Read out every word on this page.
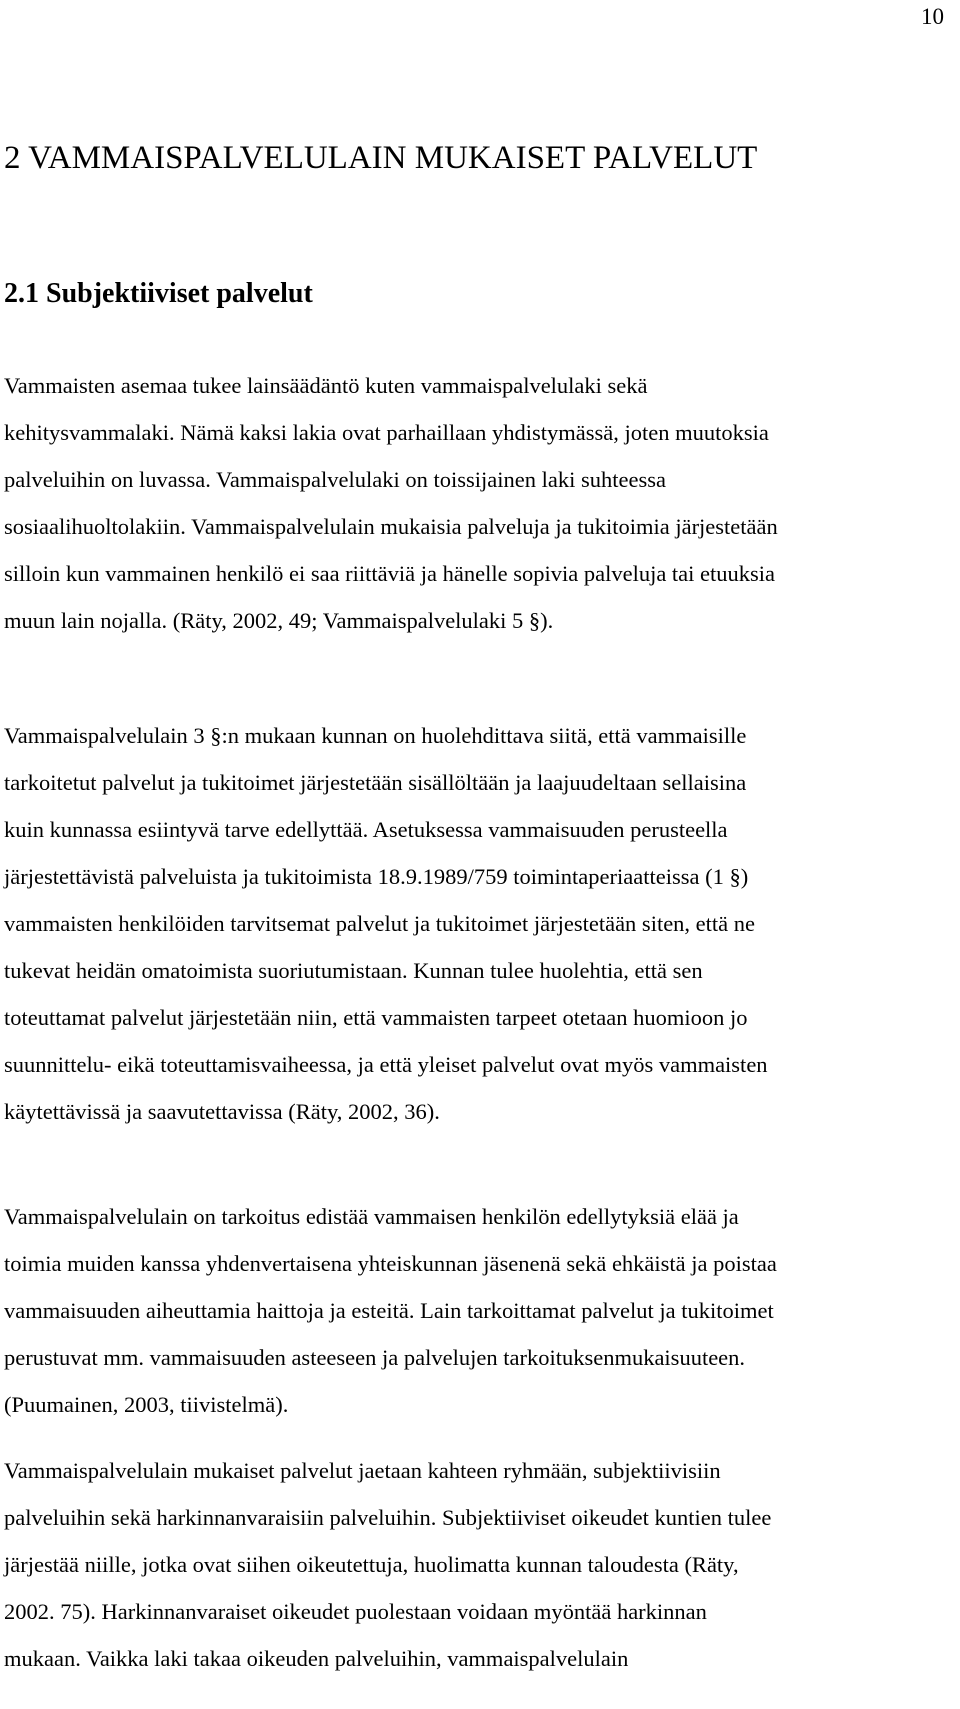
10
2 VAMMAISPALVELULAIN MUKAISET PALVELUT
2.1 Subjektiiviset palvelut
Vammaisten asemaa tukee lainsäädäntö kuten vammaispalvelulaki sekä
kehitysvammalaki. Nämä kaksi lakia ovat parhaillaan yhdistymässä, joten muutoksia
palveluihin on luvassa. Vammaispalvelulaki on toissijainen laki suhteessa
sosiaalihuoltolakiin. Vammaispalvelulain mukaisia palveluja ja tukitoimia järjestetään
silloin kun vammainen henkilö ei saa riittäviä ja hänelle sopivia palveluja tai etuuksia
muun lain nojalla. (Räty, 2002, 49; Vammaispalvelulaki 5 §).
Vammaispalvelulain 3 §:n mukaan kunnan on huolehdittava siitä, että vammaisille
tarkoitetut palvelut ja tukitoimet järjestetään sisällöltään ja laajuudeltaan sellaisina
kuin kunnassa esiintyvä tarve edellyttää. Asetuksessa vammaisuuden perusteella
järjestettävistä palveluista ja tukitoimista 18.9.1989/759 toimintaperiaatteissa (1 §)
vammaisten henkilöiden tarvitsemat palvelut ja tukitoimet järjestetään siten, että ne
tukevat heidän omatoimista suoriutumistaan. Kunnan tulee huolehtia, että sen
toteuttamat palvelut järjestetään niin, että vammaisten tarpeet otetaan huomioon jo
suunnittelu- eikä toteuttamisvaiheessa, ja että yleiset palvelut ovat myös vammaisten
käytettävissä ja saavutettavissa (Räty, 2002, 36).
Vammaispalvelulain on tarkoitus edistää vammaisen henkilön edellytyksiä elää ja
toimia muiden kanssa yhdenvertaisena yhteiskunnan jäsenenä sekä ehkäistä ja poistaa
vammaisuuden aiheuttamia haittoja ja esteitä. Lain tarkoittamat palvelut ja tukitoimet
perustuvat mm. vammaisuuden asteeseen ja palvelujen tarkoituksenmukaisuuteen.
(Puumainen, 2003, tiivistelmä).
Vammaispalvelulain mukaiset palvelut jaetaan kahteen ryhmään, subjektiivisiin
palveluihin sekä harkinnanvaraisiin palveluihin. Subjektiiviset oikeudet kuntien tulee
järjestää niille, jotka ovat siihen oikeutettuja, huolimatta kunnan taloudesta (Räty,
2002. 75). Harkinnanvaraiset oikeudet puolestaan voidaan myöntää harkinnan
mukaan. Vaikka laki takaa oikeuden palveluihin, vammaispalvelulain
